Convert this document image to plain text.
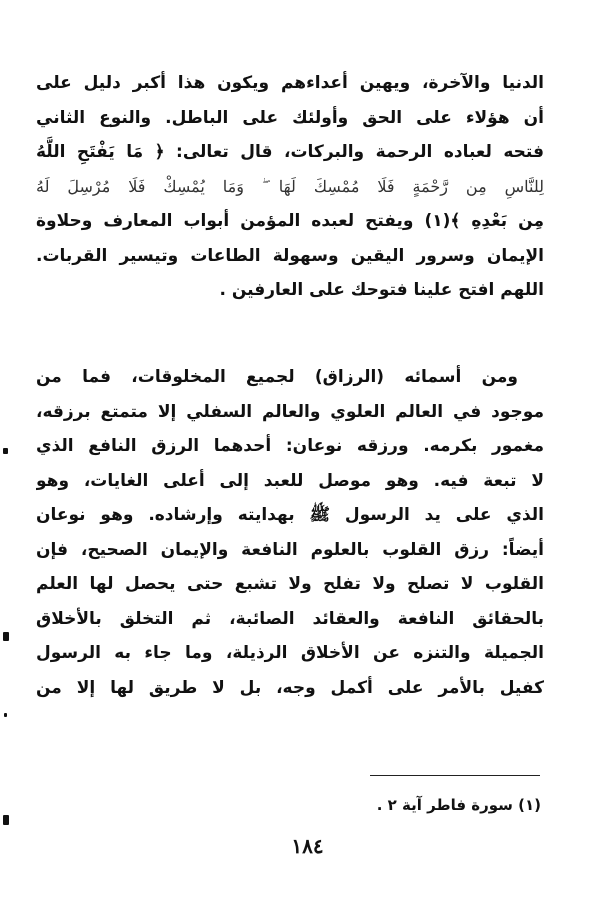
الدنيا والآخرة، ويهين أعداءهم ويكون هذا أكبر دليل على
أن هؤلاء على الحق وأولئك على الباطل. والنوع الثاني
فتحه لعباده الرحمة والبركات، قال تعالى: ﴿ مَا يَفْتَحِ اللَّهُ
لِلنَّاسِ مِن رَّحْمَةٍ فَلَا مُمْسِكَ لَهَا ۖ وَمَا يُمْسِكْ فَلَا مُرْسِلَ لَهُ
مِن بَعْدِهِ ﴾(١) ويفتح لعبده المؤمن أبواب المعارف وحلاوة
الإيمان وسرور اليقين وسهولة الطاعات وتيسير القربات.
اللهم افتح علينا فتوحك على العارفين .
ومن أسمائه (الرزاق) لجميع المخلوقات، فما من
موجود في العالم العلوي والعالم السفلي إلا متمتع برزقه،
مغمور بكرمه. ورزقه نوعان: أحدهما الرزق النافع الذي
لا تبعة فيه. وهو موصل للعبد إلى أعلى الغايات، وهو
الذي على يد الرسول ﷺ بهدايته وإرشاده. وهو نوعان
أيضاً: رزق القلوب بالعلوم النافعة والإيمان الصحيح، فإن
القلوب لا تصلح ولا تفلح ولا تشبع حتى يحصل لها العلم
بالحقائق النافعة والعقائد الصائبة، ثم التخلق بالأخلاق
الجميلة والتنزه عن الأخلاق الرذيلة، وما جاء به الرسول
كفيل بالأمر على أكمل وجه، بل لا طريق لها إلا من
(١) سورة فاطر آية ٢ .
١٨٤
